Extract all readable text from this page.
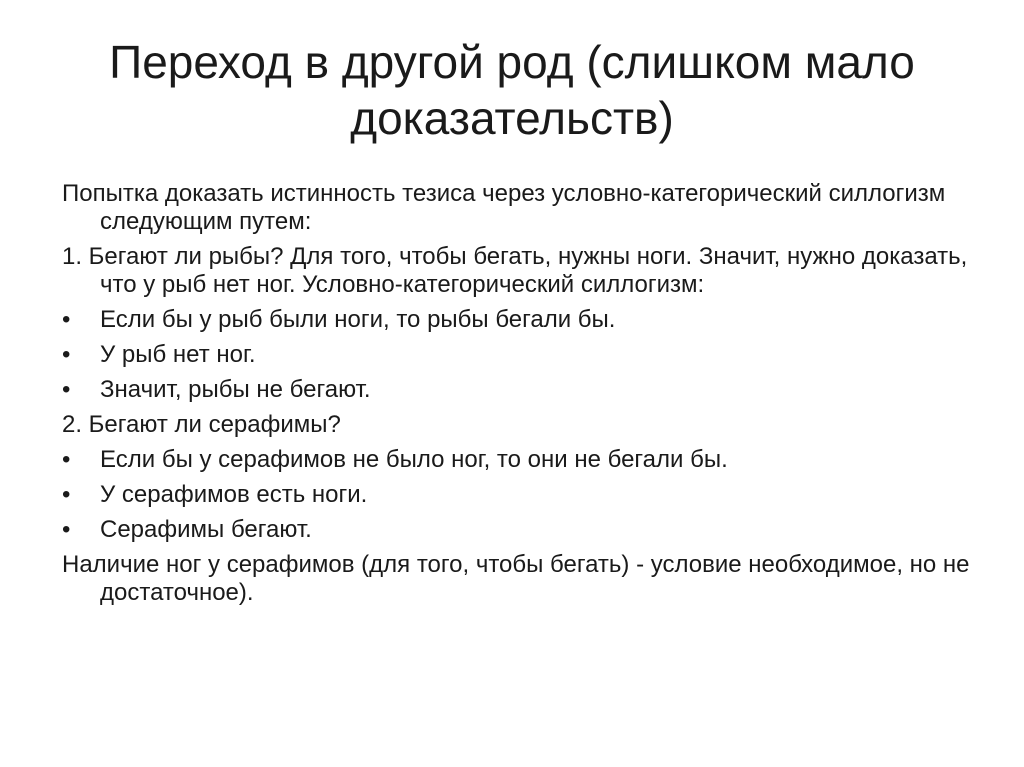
Переход в другой род (слишком мало доказательств)

Попытка доказать истинность тезиса через условно-категорический силлогизм следующим путем:

1. Бегают ли рыбы? Для того, чтобы бегать, нужны ноги. Значит, нужно доказать, что у рыб нет ног. Условно-категорический силлогизм:

• Если бы у рыб были ноги, то рыбы бегали бы.

• У рыб нет ног.

• Значит, рыбы не бегают.

2. Бегают ли серафимы?

• Если бы у серафимов не было ног, то они не бегали бы.

• У серафимов есть ноги.

• Серафимы бегают.

Наличие ног у серафимов (для того, чтобы бегать) - условие необходимое, но не достаточное).
